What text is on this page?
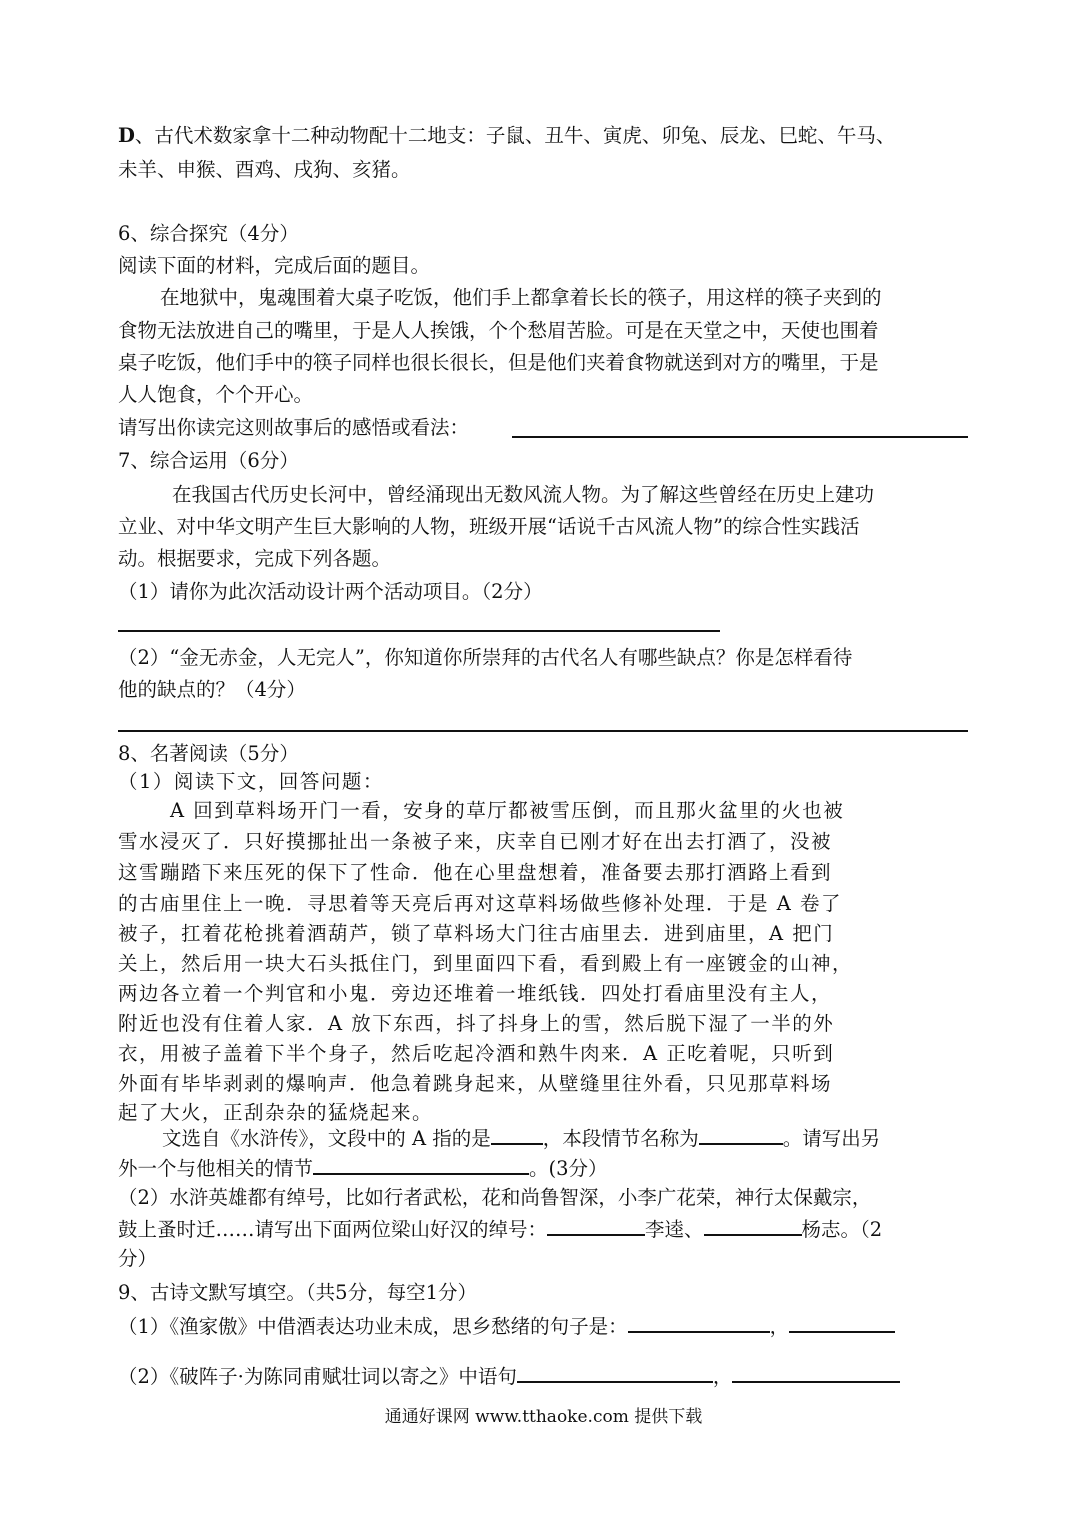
D、古代术数家拿十二种动物配十二地支：子鼠、丑牛、寅虎、卯兔、辰龙、巳蛇、午马、
未羊、申猴、酉鸡、戌狗、亥猪。
6、综合探究（4分）
阅读下面的材料，完成后面的题目。
在地狱中，鬼魂围着大桌子吃饭，他们手上都拿着长长的筷子，用这样的筷子夹到的
食物无法放进自己的嘴里，于是人人挨饿，个个愁眉苦脸。可是在天堂之中，天使也围着
桌子吃饭，他们手中的筷子同样也很长很长，但是他们夹着食物就送到对方的嘴里，于是
人人饱食，个个开心。
请写出你读完这则故事后的感悟或看法：
7、综合运用（6分）
在我国古代历史长河中，曾经涌现出无数风流人物。为了解这些曾经在历史上建功
立业、对中华文明产生巨大影响的人物，班级开展“话说千古风流人物”的综合性实践活
动。根据要求，完成下列各题。
（1）请你为此次活动设计两个活动项目。（2分）
（2）“金无赤金，人无完人”，你知道你所崇拜的古代名人有哪些缺点？你是怎样看待
他的缺点的？（4分）
8、名著阅读（5分）
（1）阅读下文，回答问题：
A 回到草料场开门一看，安身的草厅都被雪压倒，而且那火盆里的火也被
雪水浸灭了．只好摸挪扯出一条被子来，庆幸自已刚才好在出去打酒了，没被
这雪蹦踏下来压死的保下了性命．他在心里盘想着，准备要去那打酒路上看到
的古庙里住上一晚．寻思着等天亮后再对这草料场做些修补处理．于是 A 卷了
被子，扛着花枪挑着酒葫芦，锁了草料场大门往古庙里去．进到庙里，A 把门
关上，然后用一块大石头抵住门，到里面四下看，看到殿上有一座镀金的山神，
两边各立着一个判官和小鬼．旁边还堆着一堆纸钱．四处打看庙里没有主人，
附近也没有住着人家．A 放下东西，抖了抖身上的雪，然后脱下湿了一半的外
衣，用被子盖着下半个身子，然后吃起冷酒和熟牛肉来．A 正吃着呢，只听到
外面有毕毕剥剥的爆响声．他急着跳身起来，从壁缝里往外看，只见那草料场
起了大火，正刮杂杂的猛烧起来。
文选自《水浒传》，文段中的 A 指的是	，本段情节名称为	。请写出另
外一个与他相关的情节	。(3分）
（2）水浒英雄都有绰号，比如行者武松，花和尚鲁智深，小李广花荣，神行太保戴宗，
鼓上蚤时迁……请写出下面两位梁山好汉的绰号：	李逵、	杨志。（2
分）
9、古诗文默写填空。（共5分，每空1分）
（1）《渔家傲》中借酒表达功业未成，思乡愁绪的句子是：	，
（2）《破阵子·为陈同甫赋壮词以寄之》中语句	，
通通好课网 www.tthaoke.com 提供下载
